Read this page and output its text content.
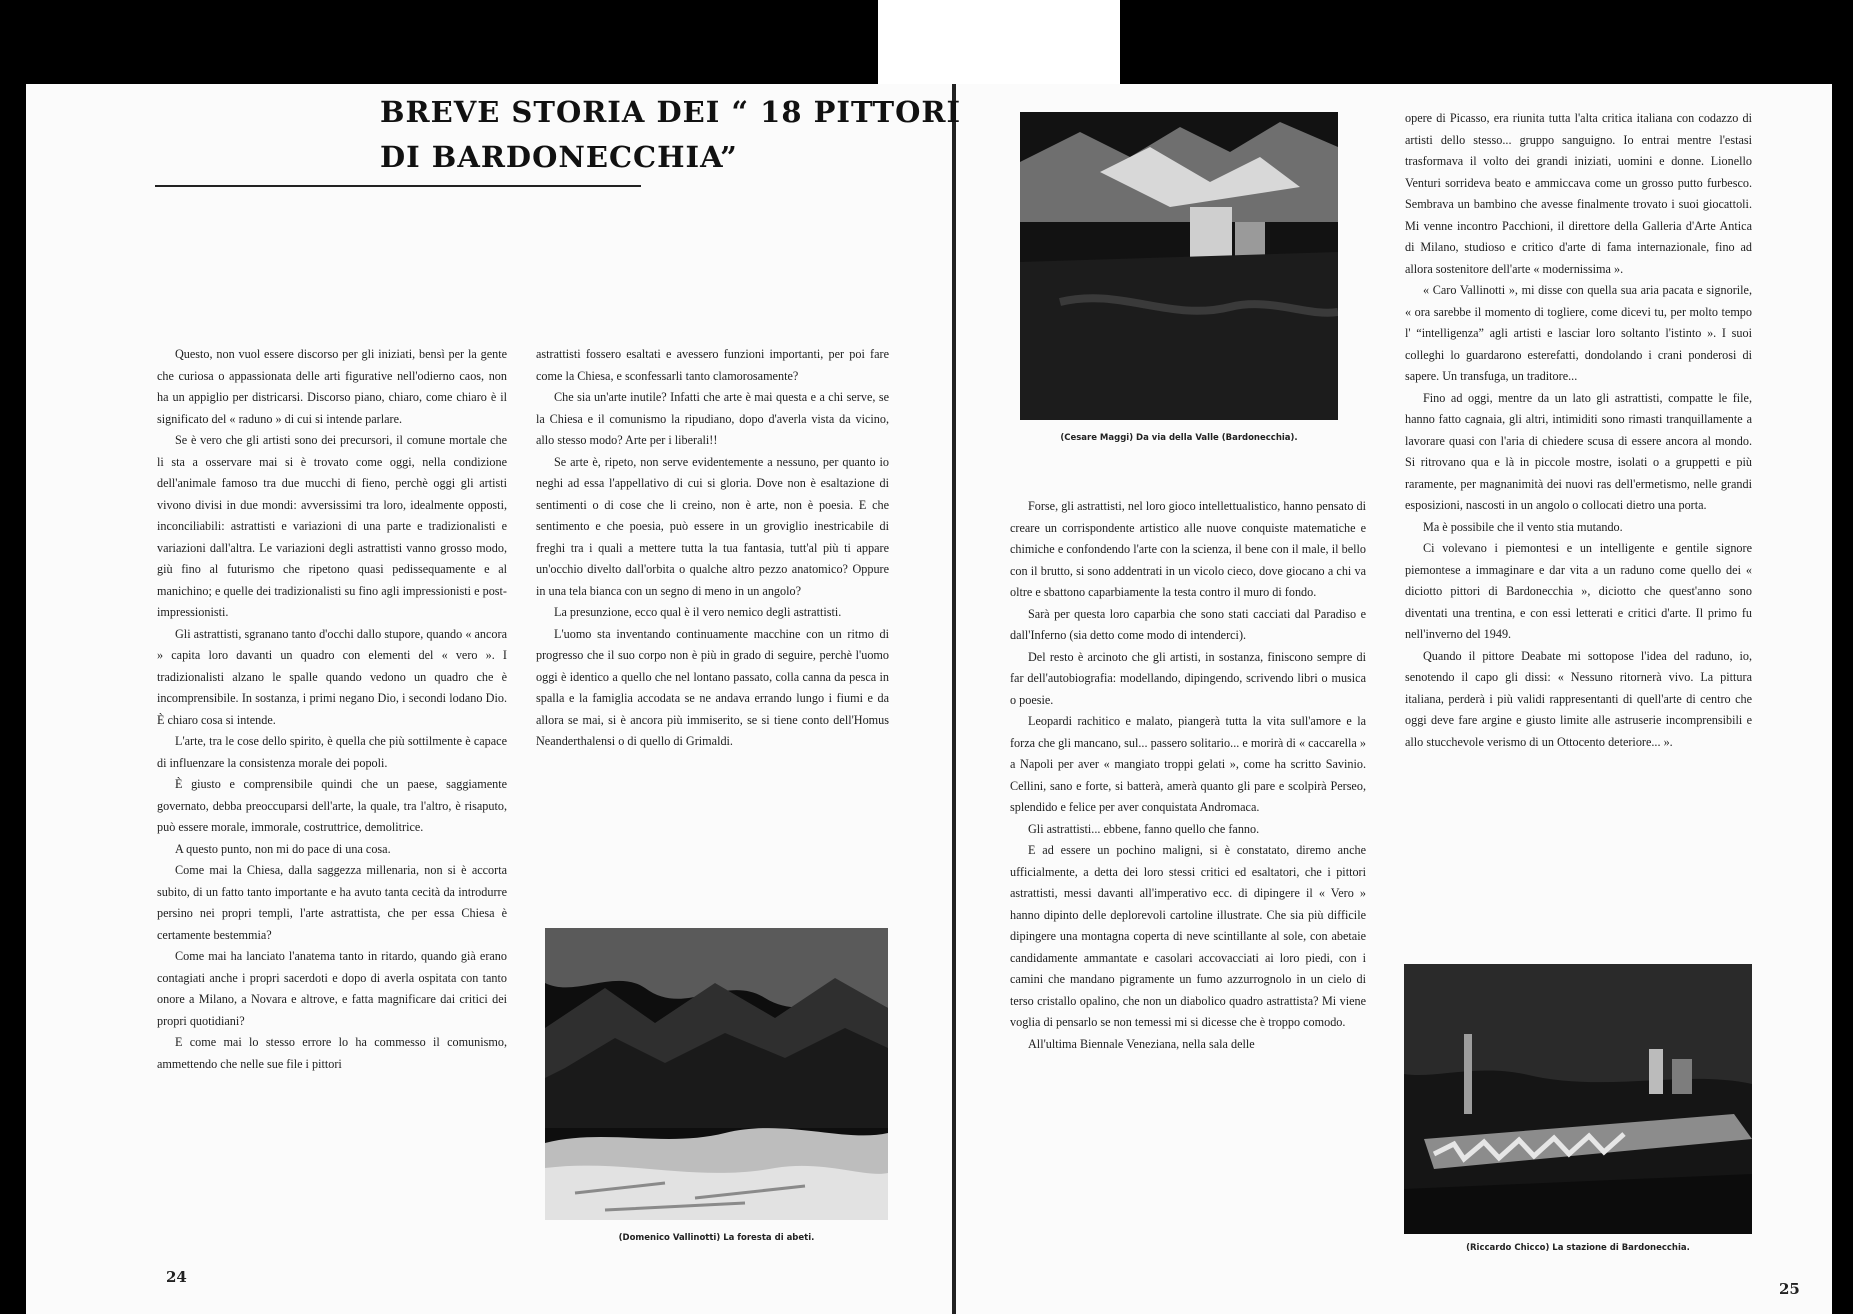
BREVE STORIA DEI “ 18 PITTORI
DI BARDONECCHIA”

Questo, non vuol essere discorso per gli iniziati, bensì per la gente che curiosa o appassionata delle arti figurative nell'odierno caos, non ha un appiglio per districarsi. Discorso piano, chiaro, come chiaro è il significato del « raduno » di cui si intende parlare.

Se è vero che gli artisti sono dei precursori, il comune mortale che li sta a osservare mai si è trovato come oggi, nella condizione dell'animale famoso tra due mucchi di fieno, perchè oggi gli artisti vivono divisi in due mondi: avversissimi tra loro, idealmente opposti, inconciliabili: astrattisti e variazioni di una parte e tradizionalisti e variazioni dall'altra. Le variazioni degli astrattisti vanno grosso modo, giù fino al futurismo che ripetono quasi pedissequamente e al manichino; e quelle dei tradizionalisti su fino agli impressionisti e post-impressionisti.

Gli astrattisti, sgranano tanto d'occhi dallo stupore, quando « ancora » capita loro davanti un quadro con elementi del « vero ». I tradizionalisti alzano le spalle quando vedono un quadro che è incomprensibile. In sostanza, i primi negano Dio, i secondi lodano Dio. È chiaro cosa si intende.

L'arte, tra le cose dello spirito, è quella che più sottilmente è capace di influenzare la consistenza morale dei popoli.

È giusto e comprensibile quindi che un paese, saggiamente governato, debba preoccuparsi dell'arte, la quale, tra l'altro, è risaputo, può essere morale, immorale, costruttrice, demolitrice.

A questo punto, non mi do pace di una cosa.

Come mai la Chiesa, dalla saggezza millenaria, non si è accorta subito, di un fatto tanto importante e ha avuto tanta cecità da introdurre persino nei propri templi, l'arte astrattista, che per essa Chiesa è certamente bestemmia?

Come mai ha lanciato l'anatema tanto in ritardo, quando già erano contagiati anche i propri sacerdoti e dopo di averla ospitata con tanto onore a Milano, a Novara e altrove, e fatta magnificare dai critici dei propri quotidiani?

E come mai lo stesso errore lo ha commesso il comunismo, ammettendo che nelle sue file i pittori

astrattisti fossero esaltati e avessero funzioni importanti, per poi fare come la Chiesa, e sconfessarli tanto clamorosamente?

Che sia un'arte inutile? Infatti che arte è mai questa e a chi serve, se la Chiesa e il comunismo la ripudiano, dopo d'averla vista da vicino, allo stesso modo? Arte per i liberali!!

Se arte è, ripeto, non serve evidentemente a nessuno, per quanto io neghi ad essa l'appellativo di cui si gloria. Dove non è esaltazione di sentimenti o di cose che li creino, non è arte, non è poesia. E che sentimento e che poesia, può essere in un groviglio inestricabile di freghi tra i quali a mettere tutta la tua fantasia, tutt'al più ti appare un'occhio divelto dall'orbita o qualche altro pezzo anatomico? Oppure in una tela bianca con un segno di meno in un angolo?

La presunzione, ecco qual è il vero nemico degli astrattisti.

L'uomo sta inventando continuamente macchine con un ritmo di progresso che il suo corpo non è più in grado di seguire, perchè l'uomo oggi è identico a quello che nel lontano passato, colla canna da pesca in spalla e la famiglia accodata se ne andava errando lungo i fiumi e da allora se mai, si è ancora più immiserito, se si tiene conto dell'Homus Neanderthalensi o di quello di Grimaldi.

(Domenico Vallinotti) La foresta di abeti.

24

(Cesare Maggi) Da via della Valle (Bardonecchia).

Forse, gli astrattisti, nel loro gioco intellettualistico, hanno pensato di creare un corrispondente artistico alle nuove conquiste matematiche e chimiche e confondendo l'arte con la scienza, il bene con il male, il bello con il brutto, si sono addentrati in un vicolo cieco, dove giocano a chi va oltre e sbattono caparbiamente la testa contro il muro di fondo.

Sarà per questa loro caparbia che sono stati cacciati dal Paradiso e dall'Inferno (sia detto come modo di intenderci).

Del resto è arcinoto che gli artisti, in sostanza, finiscono sempre di far dell'autobiografia: modellando, dipingendo, scrivendo libri o musica o poesie.

Leopardi rachitico e malato, piangerà tutta la vita sull'amore e la forza che gli mancano, sul... passero solitario... e morirà di « caccarella » a Napoli per aver « mangiato troppi gelati », come ha scritto Savinio. Cellini, sano e forte, si batterà, amerà quanto gli pare e scolpirà Perseo, splendido e felice per aver conquistata Andromaca.

Gli astrattisti... ebbene, fanno quello che fanno.

E ad essere un pochino maligni, si è constatato, diremo anche ufficialmente, a detta dei loro stessi critici ed esaltatori, che i pittori astrattisti, messi davanti all'imperativo ecc. di dipingere il « Vero » hanno dipinto delle deplorevoli cartoline illustrate. Che sia più difficile dipingere una montagna coperta di neve scintillante al sole, con abetaie candidamente ammantate e casolari accovacciati ai loro piedi, con i camini che mandano pigramente un fumo azzurrognolo in un cielo di terso cristallo opalino, che non un diabolico quadro astrattista? Mi viene voglia di pensarlo se non temessi mi si dicesse che è troppo comodo.

All'ultima Biennale Veneziana, nella sala delle

opere di Picasso, era riunita tutta l'alta critica italiana con codazzo di artisti dello stesso... gruppo sanguigno. Io entrai mentre l'estasi trasformava il volto dei grandi iniziati, uomini e donne. Lionello Venturi sorrideva beato e ammiccava come un grosso putto furbesco. Sembrava un bambino che avesse finalmente trovato i suoi giocattoli. Mi venne incontro Pacchioni, il direttore della Galleria d'Arte Antica di Milano, studioso e critico d'arte di fama internazionale, fino ad allora sostenitore dell'arte « modernissima ».

« Caro Vallinotti », mi disse con quella sua aria pacata e signorile, « ora sarebbe il momento di togliere, come dicevi tu, per molto tempo l' “intelligenza” agli artisti e lasciar loro soltanto l'istinto ». I suoi colleghi lo guardarono esterefatti, dondolando i crani ponderosi di sapere. Un transfuga, un traditore...

Fino ad oggi, mentre da un lato gli astrattisti, compatte le file, hanno fatto cagnaia, gli altri, intimiditi sono rimasti tranquillamente a lavorare quasi con l'aria di chiedere scusa di essere ancora al mondo. Si ritrovano qua e là in piccole mostre, isolati o a gruppetti e più raramente, per magnanimità dei nuovi ras dell'ermetismo, nelle grandi esposizioni, nascosti in un angolo o collocati dietro una porta.

Ma è possibile che il vento stia mutando.

Ci volevano i piemontesi e un intelligente e gentile signore piemontese a immaginare e dar vita a un raduno come quello dei « diciotto pittori di Bardonecchia », diciotto che quest'anno sono diventati una trentina, e con essi letterati e critici d'arte. Il primo fu nell'inverno del 1949.

Quando il pittore Deabate mi sottopose l'idea del raduno, io, senotendo il capo gli dissi: « Nessuno ritornerà vivo. La pittura italiana, perderà i più validi rappresentanti di quell'arte di centro che oggi deve fare argine e giusto limite alle astruserie incomprensibili e allo stucchevole verismo di un Ottocento deteriore... ».

(Riccardo Chicco) La stazione di Bardonecchia.

25
